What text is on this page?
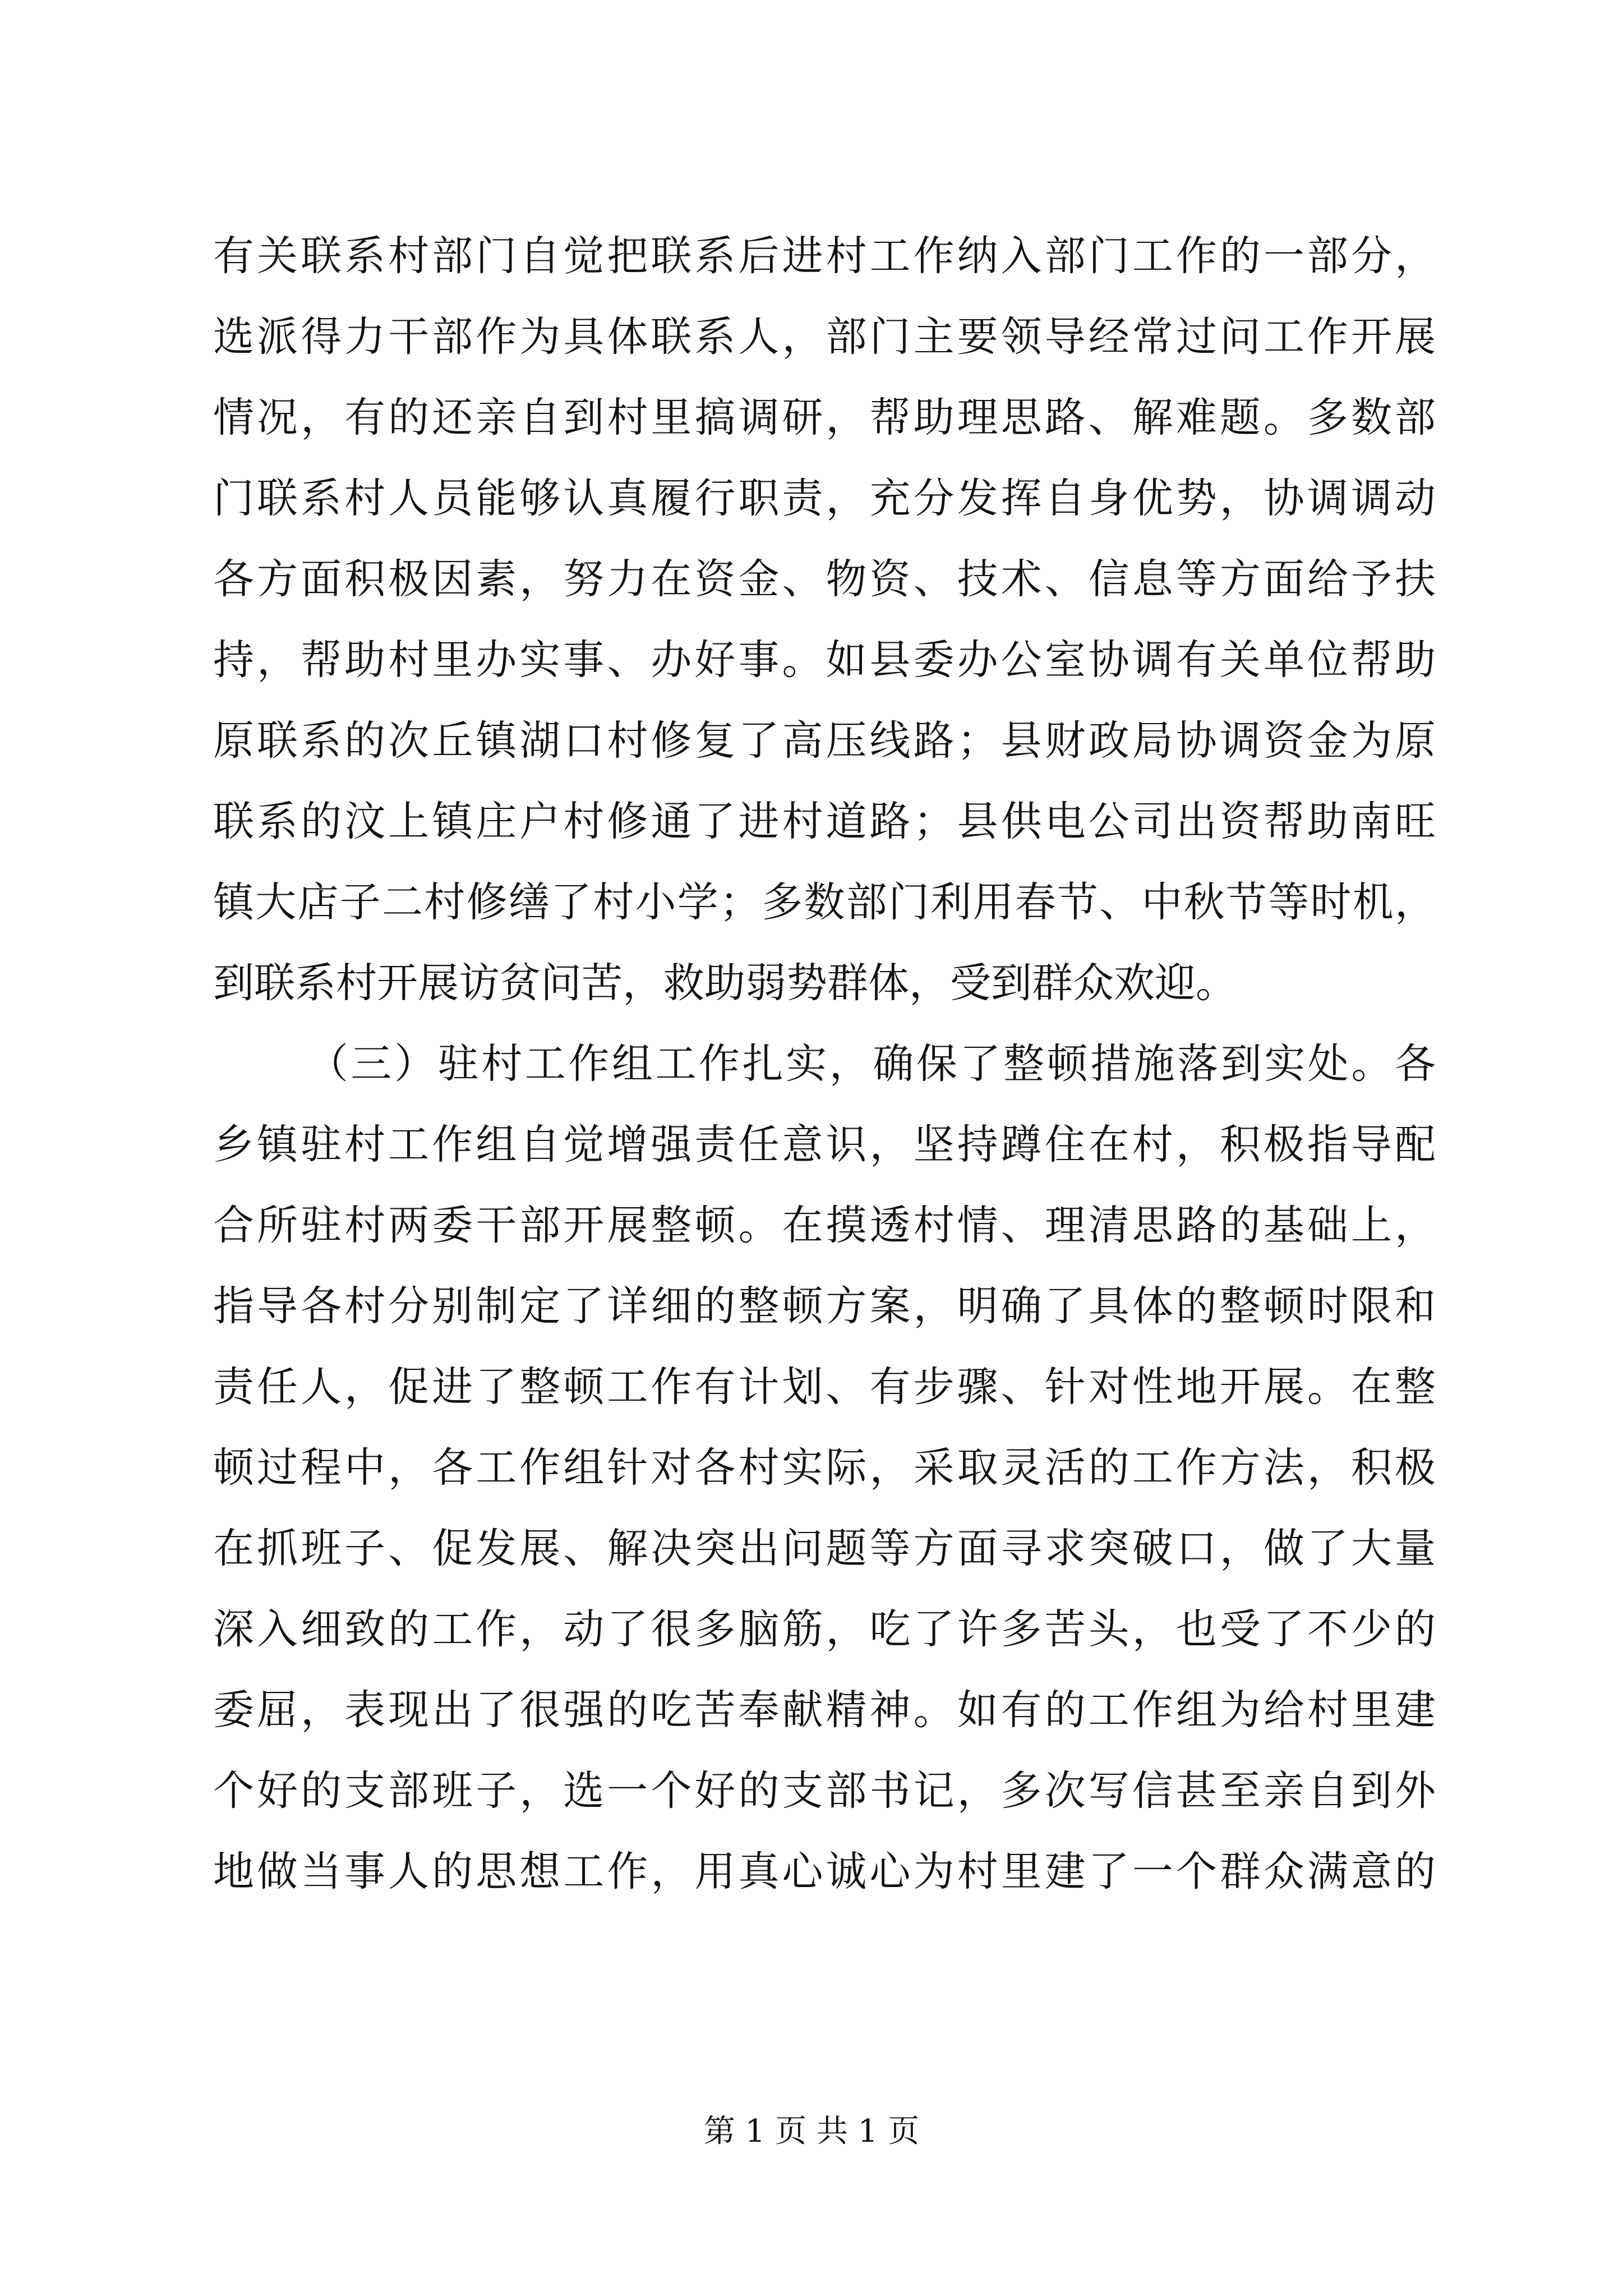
有关联系村部门自觉把联系后进村工作纳入部门工作的一部分，
选派得力干部作为具体联系人，部门主要领导经常过问工作开展
情况，有的还亲自到村里搞调研，帮助理思路、解难题。多数部
门联系村人员能够认真履行职责，充分发挥自身优势，协调调动
各方面积极因素，努力在资金、物资、技术、信息等方面给予扶
持，帮助村里办实事、办好事。如县委办公室协调有关单位帮助
原联系的次丘镇湖口村修复了高压线路；县财政局协调资金为原
联系的汶上镇庄户村修通了进村道路；县供电公司出资帮助南旺
镇大店子二村修缮了村小学；多数部门利用春节、中秋节等时机，
到联系村开展访贫问苦，救助弱势群体，受到群众欢迎。
（三）驻村工作组工作扎实，确保了整顿措施落到实处。各
乡镇驻村工作组自觉增强责任意识，坚持蹲住在村，积极指导配
合所驻村两委干部开展整顿。在摸透村情、理清思路的基础上，
指导各村分别制定了详细的整顿方案，明确了具体的整顿时限和
责任人，促进了整顿工作有计划、有步骤、针对性地开展。在整
顿过程中，各工作组针对各村实际，采取灵活的工作方法，积极
在抓班子、促发展、解决突出问题等方面寻求突破口，做了大量
深入细致的工作，动了很多脑筋，吃了许多苦头，也受了不少的
委屈，表现出了很强的吃苦奉献精神。如有的工作组为给村里建
个好的支部班子，选一个好的支部书记，多次写信甚至亲自到外
地做当事人的思想工作，用真心诚心为村里建了一个群众满意的
第 1 页 共 1 页
